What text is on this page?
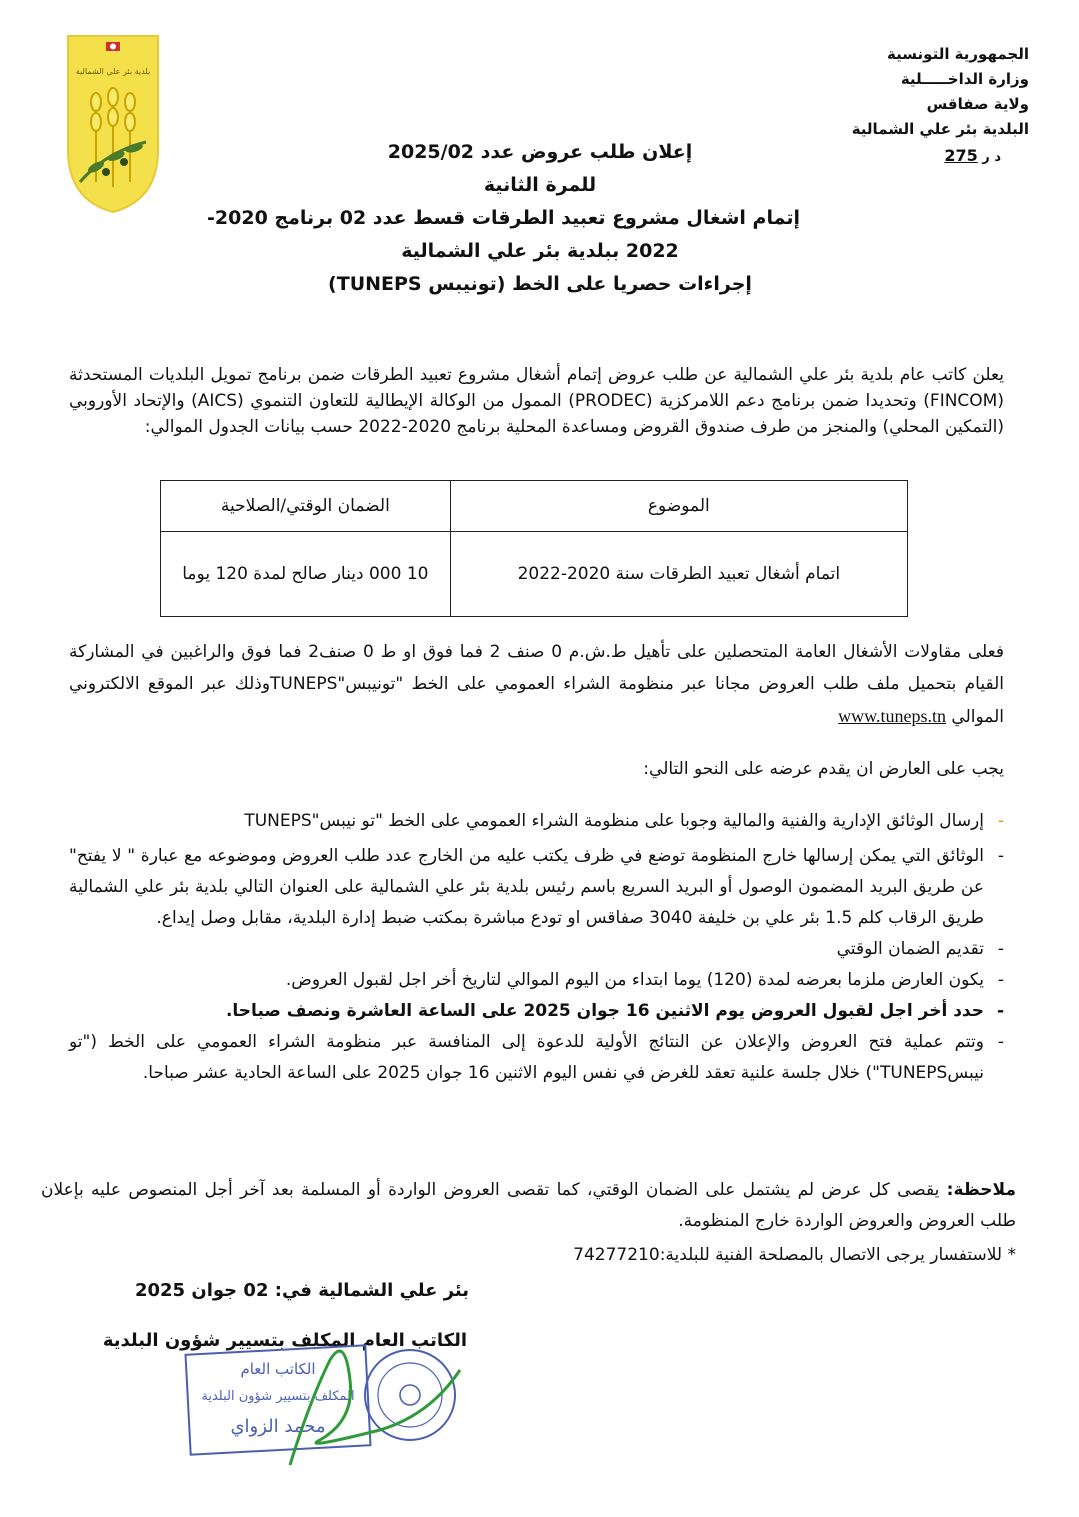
بلدية بئر علي الشمالية
الجمهورية التونسية
وزارة الداخـــــلية
ولاية صفاقس
البلدية بئر علي الشمالية
د ر 275
إعلان طلب عروض عدد 2025/02
للمرة الثانية
إتمام اشغال مشروع تعبيد الطرقات قسط عدد 02 برنامج 2020-
2022 ببلدية بئر علي الشمالية
إجراءات حصريا على الخط (تونيبس TUNEPS)
يعلن كاتب عام بلدية بئر علي الشمالية عن طلب عروض إتمام أشغال مشروع تعبيد الطرقات ضمن برنامج تمويل البلديات المستحدثة (FINCOM) وتحديدا ضمن برنامج دعم اللامركزية (PRODEC) الممول من الوكالة الإيطالية للتعاون التنموي (AICS) والإتحاد الأوروبي (التمكين المحلي) والمنجز من طرف صندوق القروض ومساعدة المحلية برنامج 2020-2022 حسب بيانات الجدول الموالي:
الموضوع	الضمان الوقتي/الصلاحية
اتمام أشغال تعبيد الطرقات سنة 2020-2022	10 000 دينار صالح لمدة 120 يوما
فعلى مقاولات الأشغال العامة المتحصلين على تأهيل ط.ش.م 0 صنف 2 فما فوق او ط 0 صنف2 فما فوق والراغبين في المشاركة القيام بتحميل ملف طلب العروض مجانا عبر منظومة الشراء العمومي على الخط "تونيبس"TUNEPSوذلك عبر الموقع الالكتروني الموالي www.tuneps.tn
يجب على العارض ان يقدم عرضه على النحو التالي:
-
إرسال الوثائق الإدارية والفنية والمالية وجوبا على منظومة الشراء العمومي على الخط "تو نيبس"TUNEPS
-
الوثائق التي يمكن إرسالها خارج المنظومة توضع في ظرف يكتب عليه من الخارج عدد طلب العروض وموضوعه مع عبارة " لا يفتح" عن طريق البريد المضمون الوصول أو البريد السريع باسم رئيس بلدية بئر علي الشمالية على العنوان التالي بلدية بئر علي الشمالية طريق الرقاب كلم 1.5 بئر علي بن خليفة 3040 صفاقس او تودع مباشرة بمكتب ضبط إدارة البلدية، مقابل وصل إيداع.
-
تقديم الضمان الوقتي
-
يكون العارض ملزما بعرضه لمدة (120) يوما ابتداء من اليوم الموالي لتاريخ أخر اجل لقبول العروض.
-
حدد أخر اجل لقبول العروض يوم الاثنين 16 جوان 2025 على الساعة العاشرة ونصف صباحا.
-
وتتم عملية فتح العروض والإعلان عن النتائج الأولية للدعوة إلى المنافسة عبر منظومة الشراء العمومي على الخط ("تو نيبسTUNEPS") خلال جلسة علنية تعقد للغرض في نفس اليوم الاثنين 16 جوان 2025 على الساعة الحادية عشر صباحا.
ملاحظة: يقصى كل عرض لم يشتمل على الضمان الوقتي، كما تقصى العروض الواردة أو المسلمة بعد آخر أجل المنصوص عليه بإعلان طلب العروض والعروض الواردة خارج المنظومة.
* للاستفسار يرجى الاتصال بالمصلحة الفنية للبلدية:74277210
بئر علي الشمالية في: 02 جوان 2025
الكاتب العام المكلف بتسيير شؤون البلدية
الكاتب العام
المكلف بتسيير شؤون البلدية
محمد الزواي
